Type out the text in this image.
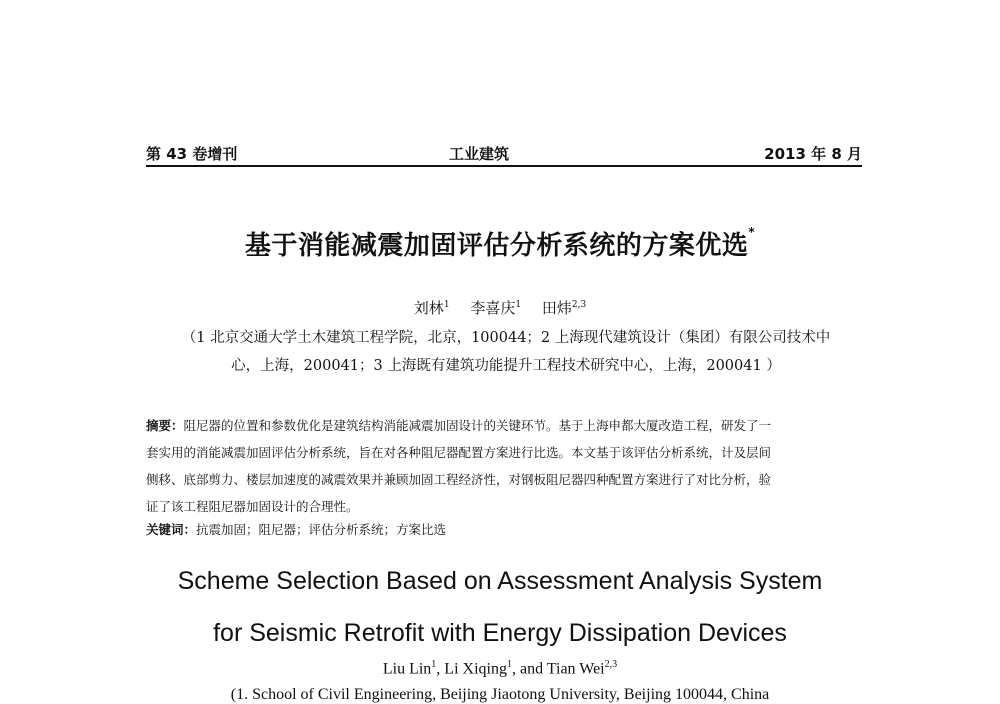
第 43 卷增刊	工业建筑	2013 年 8 月
基于消能减震加固评估分析系统的方案优选*
刘林$^1$ 李喜庆$^1$ 田炜$^{2,3}$
（1 北京交通大学土木建筑工程学院，北京，100044；2 上海现代建筑设计（集团）有限公司技术中
心，上海，200041；3 上海既有建筑功能提升工程技术研究中心，上海，200041 ）
摘要：阻尼器的位置和参数优化是建筑结构消能减震加固设计的关键环节。基于上海申都大厦改造工程，研发了一
套实用的消能减震加固评估分析系统，旨在对各种阻尼器配置方案进行比选。本文基于该评估分析系统，计及层间
侧移、底部剪力、楼层加速度的减震效果并兼顾加固工程经济性，对钢板阻尼器四种配置方案进行了对比分析，验
证了该工程阻尼器加固设计的合理性。
关键词：抗震加固；阻尼器；评估分析系统；方案比选
Scheme Selection Based on Assessment Analysis System
for Seismic Retrofit with Energy Dissipation Devices
Liu Lin$^1$, Li Xiqing$^1$, and Tian Wei$^{2,3}$
(1. School of Civil Engineering, Beijing Jiaotong University, Beijing 100044, China
